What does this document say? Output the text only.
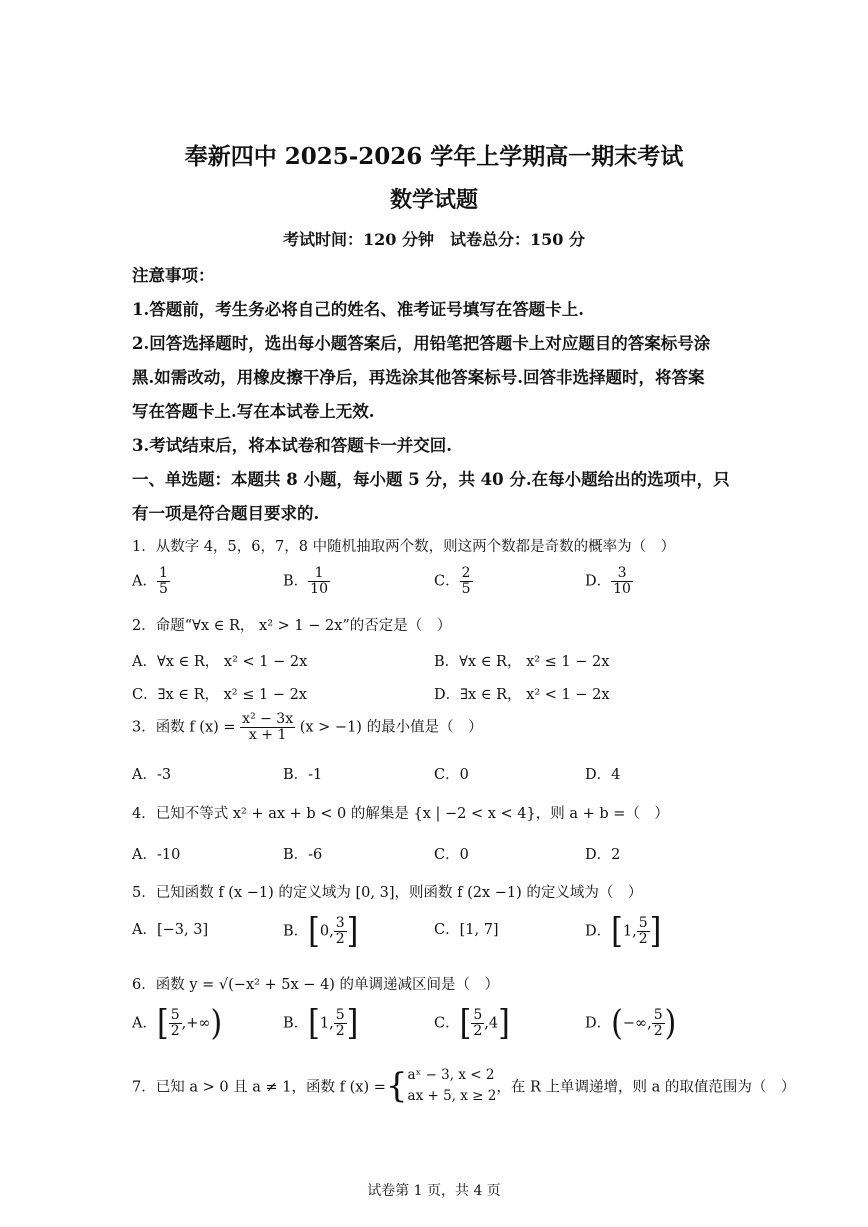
奉新四中 2025-2026 学年上学期高一期末考试
数学试题
考试时间：120 分钟　试卷总分：150 分
注意事项：
1.答题前，考生务必将自己的姓名、准考证号填写在答题卡上.
2.回答选择题时，选出每小题答案后，用铅笔把答题卡上对应题目的答案标号涂
黑.如需改动，用橡皮擦干净后，再选涂其他答案标号.回答非选择题时，将答案
写在答题卡上.写在本试卷上无效.
3.考试结束后，将本试卷和答题卡一并交回.
一、单选题：本题共 8 小题，每小题 5 分，共 40 分.在每小题给出的选项中，只
有一项是符合题目要求的.
1．从数字 4，5，6，7，8 中随机抽取两个数，则这两个数都是奇数的概率为（　）
A． $\frac{1}{5}$	B． $\frac{1}{10}$	C． $\frac{2}{5}$	D． $\frac{3}{10}$
2．命题“∀x ∈ R， x² > 1 − 2x”的否定是（　）
A．∀x ∈ R， x² < 1 − 2x	B．∀x ∈ R， x² ≤ 1 − 2x
C．∃x ∈ R， x² ≤ 1 − 2x	D．∃x ∈ R， x² < 1 − 2x
3．函数 f $(x) = \frac{\text{x² − 3x}}{x + 1} (x > -1)$ 的最小值是（　）
A．-3	B．-1	C．0	D．4
4．已知不等式 x² + ax + b < 0 的解集是 {x | −2 < x < 4}，则 a + b =（　）
A．-10	B．-6	C．0	D．2
5．已知函数 f (x −1) 的定义域为 [0, 3]，则函数 f (2x −1) 的定义域为（　）
A．[−3, 3]	B．[0, $\frac{3}{2}$ ]	C．[1, 7]	D．[1, $\frac{5}{2}$ ]
6．函数 y = √(−x² + 5x − 4) 的单调递减区间是（　）
A．[ $\frac{5}{2}$ ,+∞)	B．[1, $\frac{5}{2}$ ]	C．[ $\frac{5}{2} ,4$]	D．(−∞, $\frac{5}{2}$ )
7．已知 a > 0 且 a ≠ 1，函数 f (x) ={ aˣ − 3, x < 2
ax + 5, x ≥ 2
，在 R 上单调递增，则 a 的取值范围为（　）
试卷第 1 页，共 4 页
